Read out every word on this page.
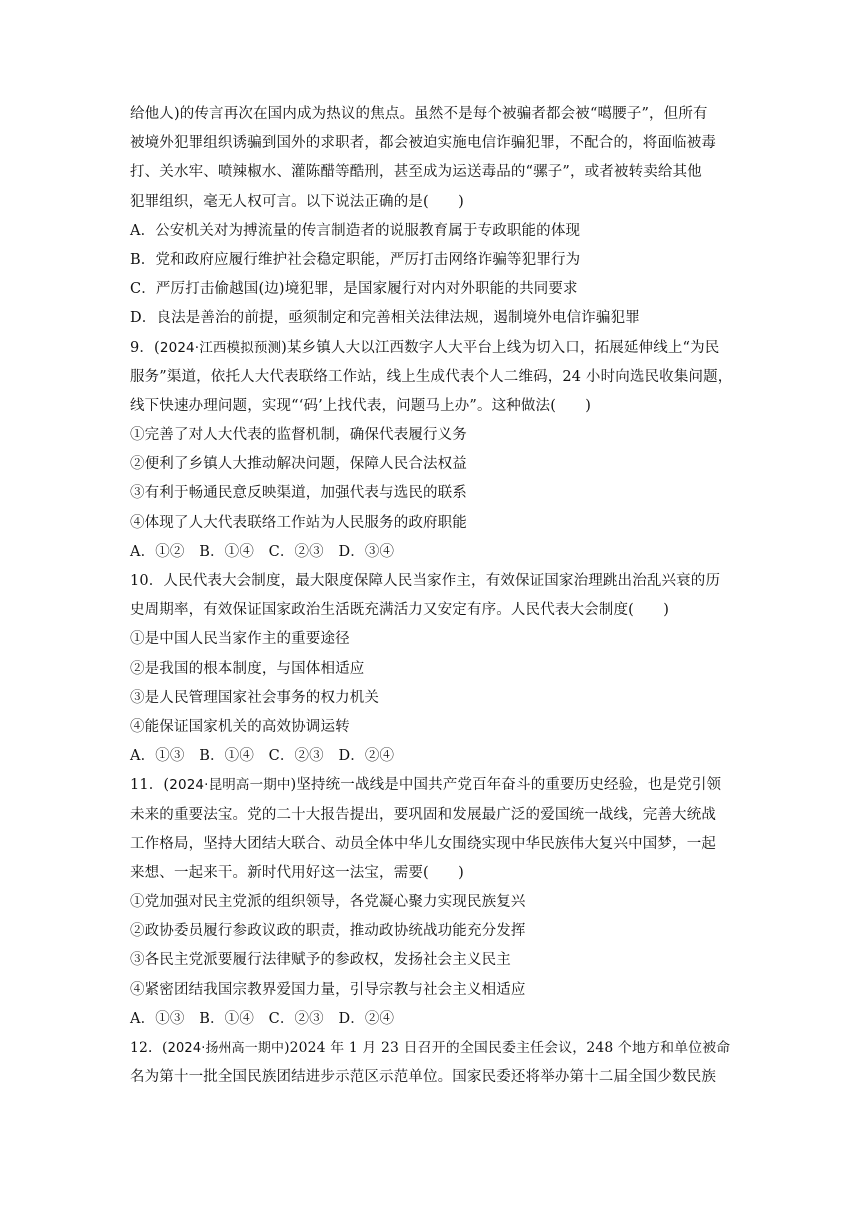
给他人)的传言再次在国内成为热议的焦点。虽然不是每个被骗者都会被“噶腰子”，但所有
被境外犯罪组织诱骗到国外的求职者，都会被迫实施电信诈骗犯罪，不配合的，将面临被毒
打、关水牢、喷辣椒水、灌陈醋等酷刑，甚至成为运送毒品的“骡子”，或者被转卖给其他
犯罪组织，毫无人权可言。以下说法正确的是(　　)
A．公安机关对为搏流量的传言制造者的说服教育属于专政职能的体现
B．党和政府应履行维护社会稳定职能，严厉打击网络诈骗等犯罪行为
C．严厉打击偷越国(边)境犯罪，是国家履行对内对外职能的共同要求
D．良法是善治的前提，亟须制定和完善相关法律法规，遏制境外电信诈骗犯罪
9．(2024·江西模拟预测)某乡镇人大以江西数字人大平台上线为切入口，拓展延伸线上“为民
服务”渠道，依托人大代表联络工作站，线上生成代表个人二维码，24 小时向选民收集问题，
线下快速办理问题，实现“‘码’上找代表，问题马上办”。这种做法(　　)
①完善了对人大代表的监督机制，确保代表履行义务
②便利了乡镇人大推动解决问题，保障人民合法权益
③有利于畅通民意反映渠道，加强代表与选民的联系
④体现了人大代表联络工作站为人民服务的政府职能
A．①②　B．①④　C．②③　D．③④
10．人民代表大会制度，最大限度保障人民当家作主，有效保证国家治理跳出治乱兴衰的历
史周期率，有效保证国家政治生活既充满活力又安定有序。人民代表大会制度(　　)
①是中国人民当家作主的重要途径
②是我国的根本制度，与国体相适应
③是人民管理国家社会事务的权力机关
④能保证国家机关的高效协调运转
A．①③　B．①④　C．②③　D．②④
11．(2024·昆明高一期中)坚持统一战线是中国共产党百年奋斗的重要历史经验，也是党引领
未来的重要法宝。党的二十大报告提出，要巩固和发展最广泛的爱国统一战线，完善大统战
工作格局，坚持大团结大联合、动员全体中华儿女围绕实现中华民族伟大复兴中国梦，一起
来想、一起来干。新时代用好这一法宝，需要(　　)
①党加强对民主党派的组织领导，各党凝心聚力实现民族复兴
②政协委员履行参政议政的职责，推动政协统战功能充分发挥
③各民主党派要履行法律赋予的参政权，发扬社会主义民主
④紧密团结我国宗教界爱国力量，引导宗教与社会主义相适应
A．①③　B．①④　C．②③　D．②④
12．(2024·扬州高一期中)2024 年 1 月 23 日召开的全国民委主任会议，248 个地方和单位被命
名为第十一批全国民族团结进步示范区示范单位。国家民委还将举办第十二届全国少数民族
